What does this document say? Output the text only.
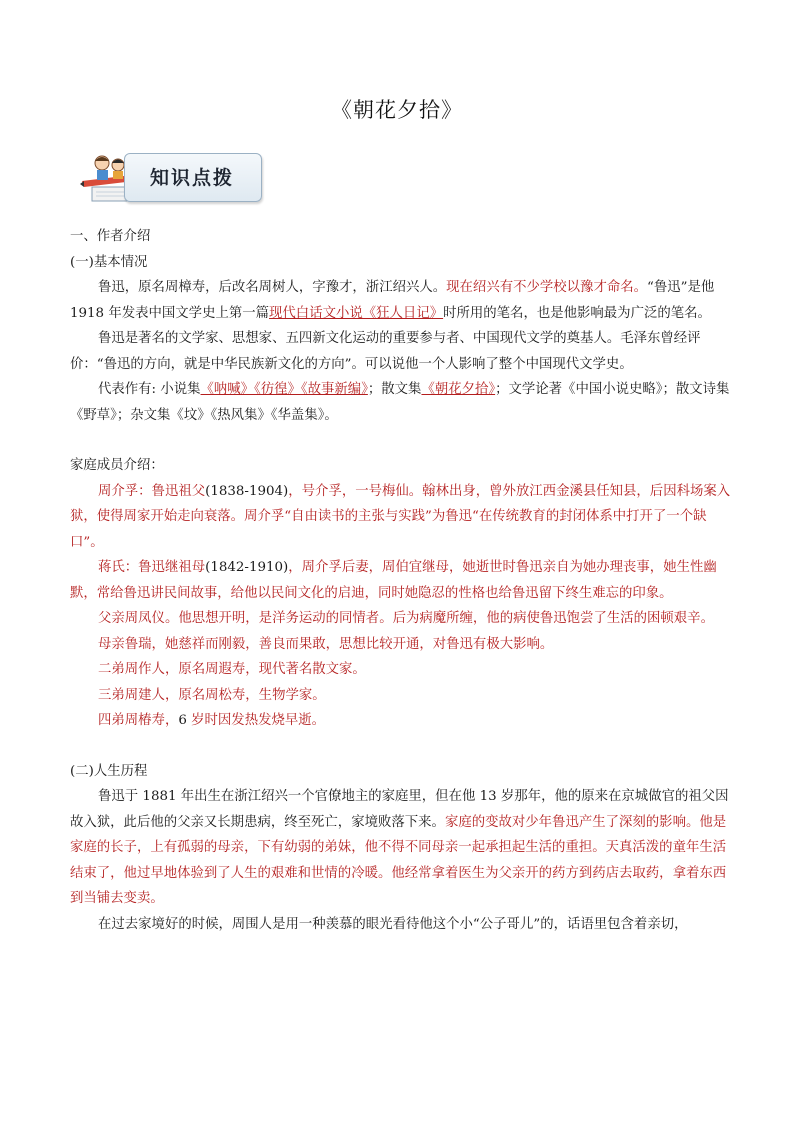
《朝花夕拾》
知识点拨

一、作者介绍

(一)基本情况

鲁迅，原名周樟寿，后改名周树人，字豫才，浙江绍兴人。现在绍兴有不少学校以豫才命名。“鲁迅”是他 1918 年发表中国文学史上第一篇现代白话文小说《狂人日记》时所用的笔名，也是他影响最为广泛的笔名。

鲁迅是著名的文学家、思想家、五四新文化运动的重要参与者、中国现代文学的奠基人。毛泽东曾经评价：“鲁迅的方向，就是中华民族新文化的方向”。可以说他一个人影响了整个中国现代文学史。

代表作有: 小说集《呐喊》《彷徨》《故事新编》；散文集《朝花夕拾》；文学论著《中国小说史略》；散文诗集《野草》；杂文集《坟》《热风集》《华盖集》。

家庭成员介绍：

周介孚：鲁迅祖父(1838-1904)，号介孚，一号梅仙。翰林出身，曾外放江西金溪县任知县，后因科场案入狱，使得周家开始走向衰落。周介孚“自由读书的主张与实践”为鲁迅“在传统教育的封闭体系中打开了一个缺口”。

蒋氏：鲁迅继祖母(1842-1910)，周介孚后妻，周伯宜继母，她逝世时鲁迅亲自为她办理丧事，她生性幽默，常给鲁迅讲民间故事，给他以民间文化的启迪，同时她隐忍的性格也给鲁迅留下终生难忘的印象。

父亲周凤仪。他思想开明，是洋务运动的同情者。后为病魔所缠，他的病使鲁迅饱尝了生活的困顿艰辛。

母亲鲁瑞，她慈祥而刚毅，善良而果敢，思想比较开通，对鲁迅有极大影响。

二弟周作人，原名周遐寿，现代著名散文家。

三弟周建人，原名周松寿，生物学家。

四弟周椿寿，6 岁时因发热发烧早逝。

(二)人生历程

鲁迅于 1881 年出生在浙江绍兴一个官僚地主的家庭里，但在他 13 岁那年，他的原来在京城做官的祖父因故入狱，此后他的父亲又长期患病，终至死亡，家境败落下来。家庭的变故对少年鲁迅产生了深刻的影响。他是家庭的长子，上有孤弱的母亲，下有幼弱的弟妹，他不得不同母亲一起承担起生活的重担。天真活泼的童年生活结束了，他过早地体验到了人生的艰难和世情的冷暖。他经常拿着医生为父亲开的药方到药店去取药，拿着东西到当铺去变卖。

在过去家境好的时候，周围人是用一种羡慕的眼光看待他这个小“公子哥儿”的，话语里包含着亲切，
